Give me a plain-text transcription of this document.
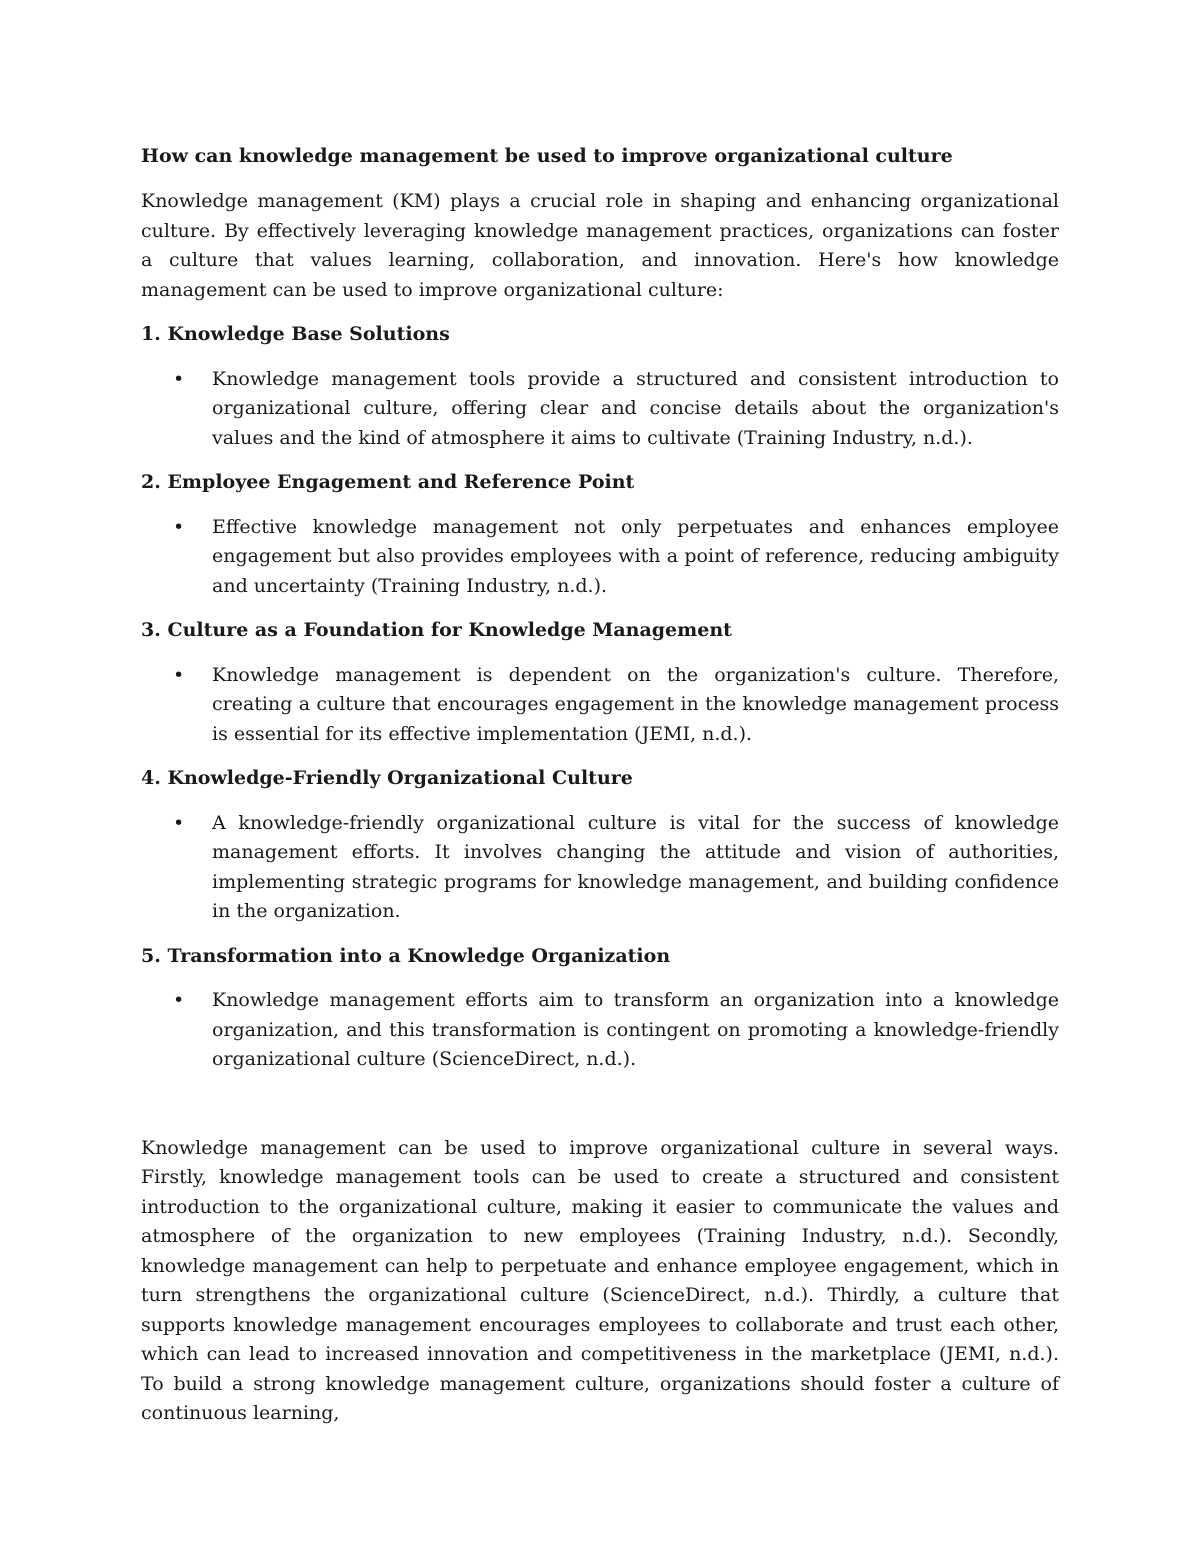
How can knowledge management be used to improve organizational culture

Knowledge management (KM) plays a crucial role in shaping and enhancing organizational culture. By effectively leveraging knowledge management practices, organizations can foster a culture that values learning, collaboration, and innovation. Here's how knowledge management can be used to improve organizational culture:

1. Knowledge Base Solutions

• Knowledge management tools provide a structured and consistent introduction to organizational culture, offering clear and concise details about the organization's values and the kind of atmosphere it aims to cultivate (Training Industry, n.d.).

2. Employee Engagement and Reference Point

• Effective knowledge management not only perpetuates and enhances employee engagement but also provides employees with a point of reference, reducing ambiguity and uncertainty (Training Industry, n.d.).

3. Culture as a Foundation for Knowledge Management

• Knowledge management is dependent on the organization's culture. Therefore, creating a culture that encourages engagement in the knowledge management process is essential for its effective implementation (JEMI, n.d.).

4. Knowledge-Friendly Organizational Culture

• A knowledge-friendly organizational culture is vital for the success of knowledge management efforts. It involves changing the attitude and vision of authorities, implementing strategic programs for knowledge management, and building confidence in the organization.

5. Transformation into a Knowledge Organization

• Knowledge management efforts aim to transform an organization into a knowledge organization, and this transformation is contingent on promoting a knowledge-friendly organizational culture (ScienceDirect, n.d.).

Knowledge management can be used to improve organizational culture in several ways. Firstly, knowledge management tools can be used to create a structured and consistent introduction to the organizational culture, making it easier to communicate the values and atmosphere of the organization to new employees (Training Industry, n.d.). Secondly, knowledge management can help to perpetuate and enhance employee engagement, which in turn strengthens the organizational culture (ScienceDirect, n.d.). Thirdly, a culture that supports knowledge management encourages employees to collaborate and trust each other, which can lead to increased innovation and competitiveness in the marketplace (JEMI, n.d.). To build a strong knowledge management culture, organizations should foster a culture of continuous learning,
